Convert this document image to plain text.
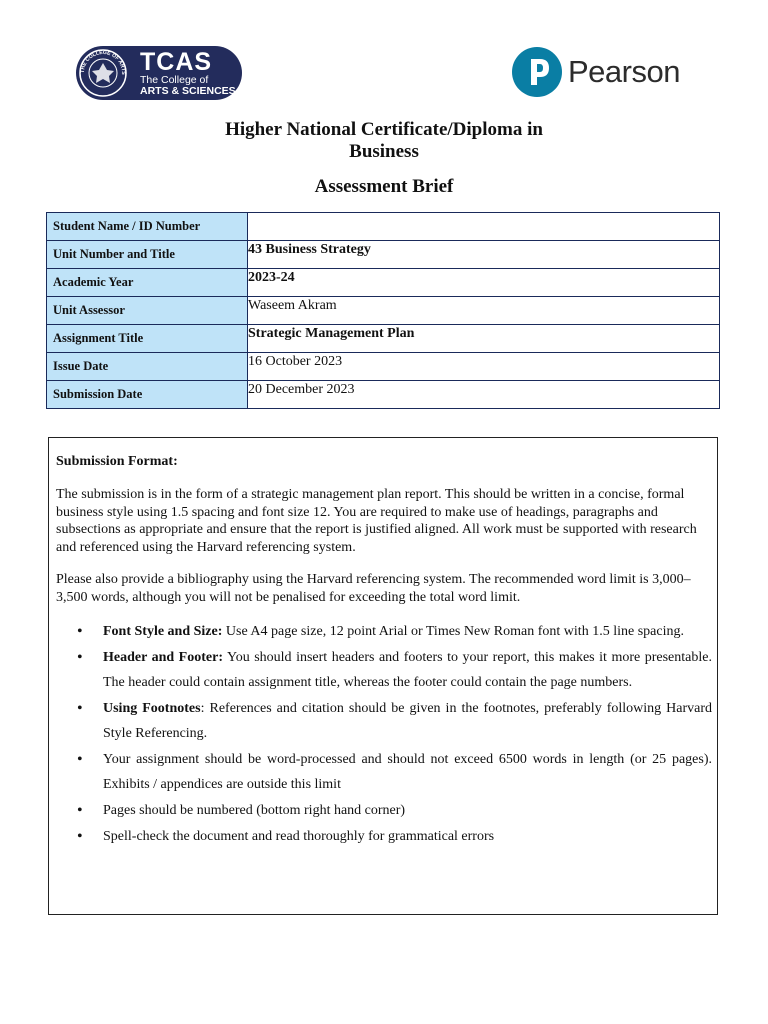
THE COLLEGE OF ARTS TCAS
The College of
ARTS & SCIENCES
Pearson
Higher National Certificate/Diploma in
Business
Assessment Brief
Student Name / ID Number	
Unit Number and Title	43 Business Strategy
Academic Year	2023-24
Unit Assessor	Waseem Akram
Assignment Title	Strategic Management Plan
Issue Date	16 October 2023
Submission Date	20 December 2023
Submission Format:

The submission is in the form of a strategic management plan report. This should be written in a concise, formal business style using 1.5 spacing and font size 12. You are required to make use of headings, paragraphs and subsections as appropriate and ensure that the report is justified aligned. All work must be supported with research and referenced using the Harvard referencing system.

Please also provide a bibliography using the Harvard referencing system. The recommended word limit is 3,000–3,500 words, although you will not be penalised for exceeding the total word limit.

• Font Style and Size: Use A4 page size, 12 point Arial or Times New Roman font with 1.5 line spacing.
• Header and Footer: You should insert headers and footers to your report, this makes it more presentable. The header could contain assignment title, whereas the footer could contain the page numbers.
• Using Footnotes: References and citation should be given in the footnotes, preferably following Harvard Style Referencing.
• Your assignment should be word-processed and should not exceed 6500 words in length (or 25 pages). Exhibits / appendices are outside this limit
• Pages should be numbered (bottom right hand corner)
• Spell-check the document and read thoroughly for grammatical errors
